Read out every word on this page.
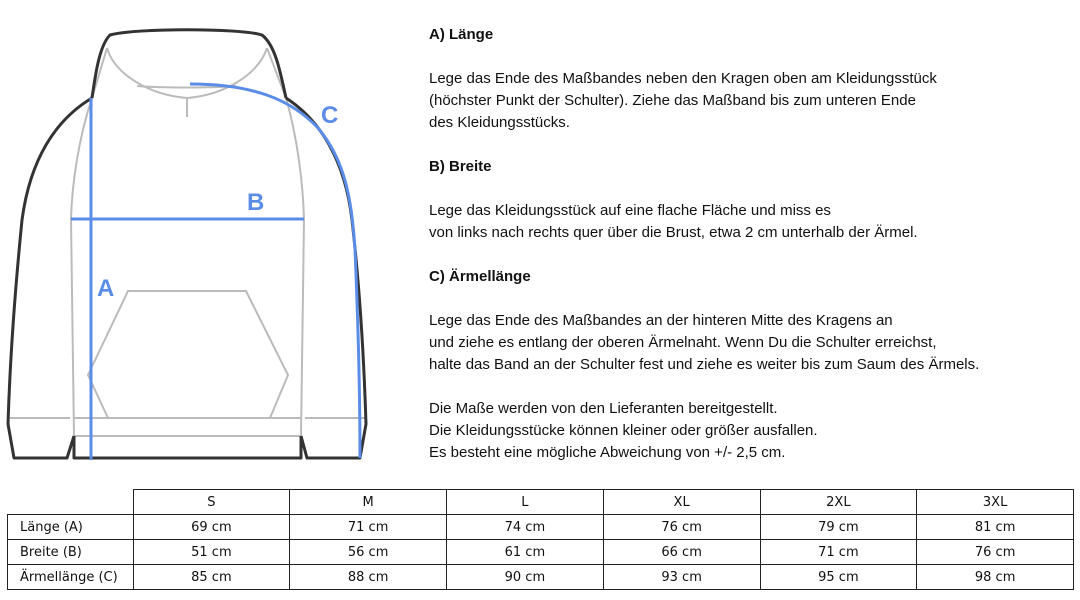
A
B
C
A) Länge

Lege das Ende des Maßbandes neben den Kragen oben am Kleidungsstück
(höchster Punkt der Schulter). Ziehe das Maßband bis zum unteren Ende
des Kleidungsstücks.

B) Breite

Lege das Kleidungsstück auf eine flache Fläche und miss es
von links nach rechts quer über die Brust, etwa 2 cm unterhalb der Ärmel.

C) Ärmellänge

Lege das Ende des Maßbandes an der hinteren Mitte des Kragens an
und ziehe es entlang der oberen Ärmelnaht. Wenn Du die Schulter erreichst,
halte das Band an der Schulter fest und ziehe es weiter bis zum Saum des Ärmels.

Die Maße werden von den Lieferanten bereitgestellt.
Die Kleidungsstücke können kleiner oder größer ausfallen.
Es besteht eine mögliche Abweichung von +/- 2,5 cm.

	S	M	L	XL	2XL	3XL
Länge (A)	69 cm	71 cm	74 cm	76 cm	79 cm	81 cm
Breite (B)	51 cm	56 cm	61 cm	66 cm	71 cm	76 cm
Ärmellänge (C)	85 cm	88 cm	90 cm	93 cm	95 cm	98 cm
